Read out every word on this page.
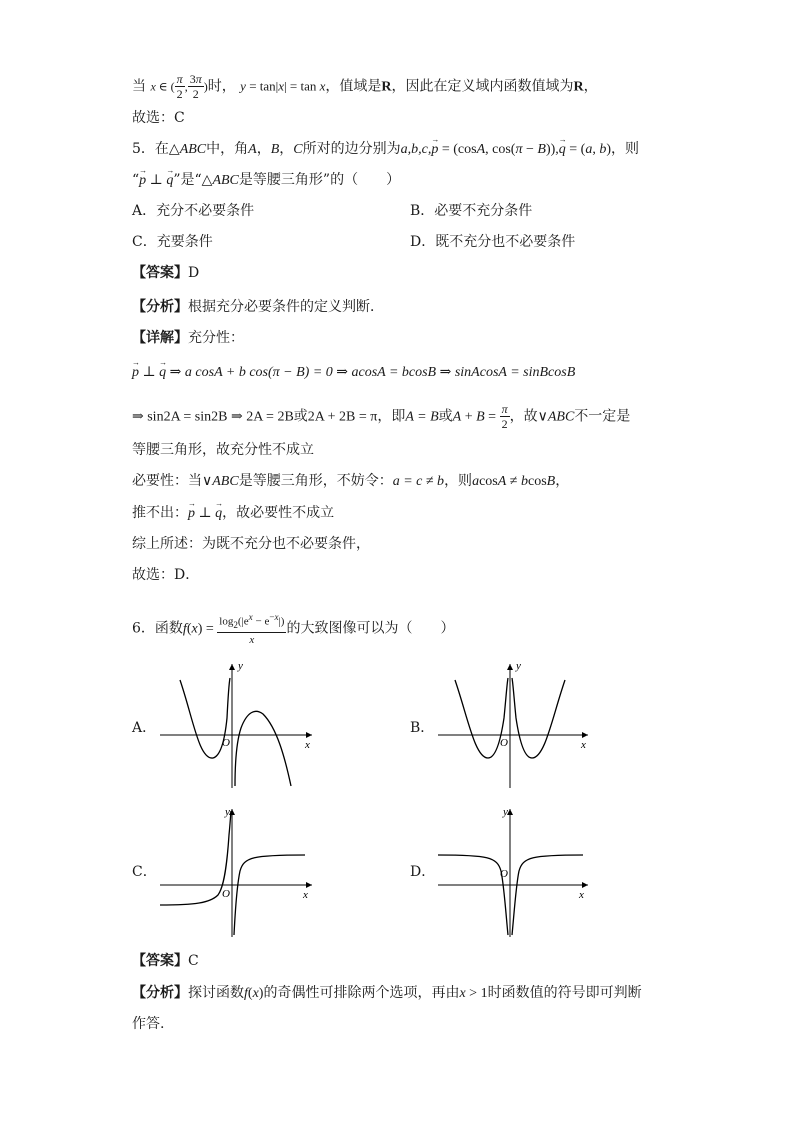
当 x ∈ ( $\frac{\pi}{2}$ , $\frac{3\pi}{2}$ )时， y = tan|x| = tan x，值域是R，因此在定义域内函数值域为R，
故选：C
5．在△ABC中，角A，B，C所对的边分别为a,b,c,→ p = (cosA, cos(π − B)),→ q = (a, b)，则
“→ p ⊥ → q”是“△ABC是等腰三角形”的（　　）
A．充分不必要条件	B．必要不充分条件
C．充要条件	D．既不充分也不必要条件
【答案】D
【分析】根据充分必要条件的定义判断．
【详解】充分性：
→ p ⊥ → q ⇒ a cosA + b cos(π − B) = 0 ⇒ acosA = bcosB ⇒ sinAcosA = sinBcosB
⇒ sin2A = sin2B ⇒ 2A = 2B或2A + 2B = π，即A = B或$A + B = \frac{\pi}{2}$ ，故∨ABC不一定是
等腰三角形，故充分性不成立
必要性：当∨ABC是等腰三角形，不妨令：a = c ≠ b，则acosA ≠ bcosB，
推不出：→ p ⊥ → q，故必要性不成立
综上所述：为既不充分也不必要条件，
故选：D．
6．函数$f(x) = \frac{\log_2(|e^x - e^{-x}|)}{x}$ 的大致图像可以为（　　）
A．	B．
C．	D．
y
x
O
y
x
O
y
x
O
y
x
O
【答案】C
【分析】探讨函数f(x)的奇偶性可排除两个选项，再由x > 1时函数值的符号即可判断
作答.
